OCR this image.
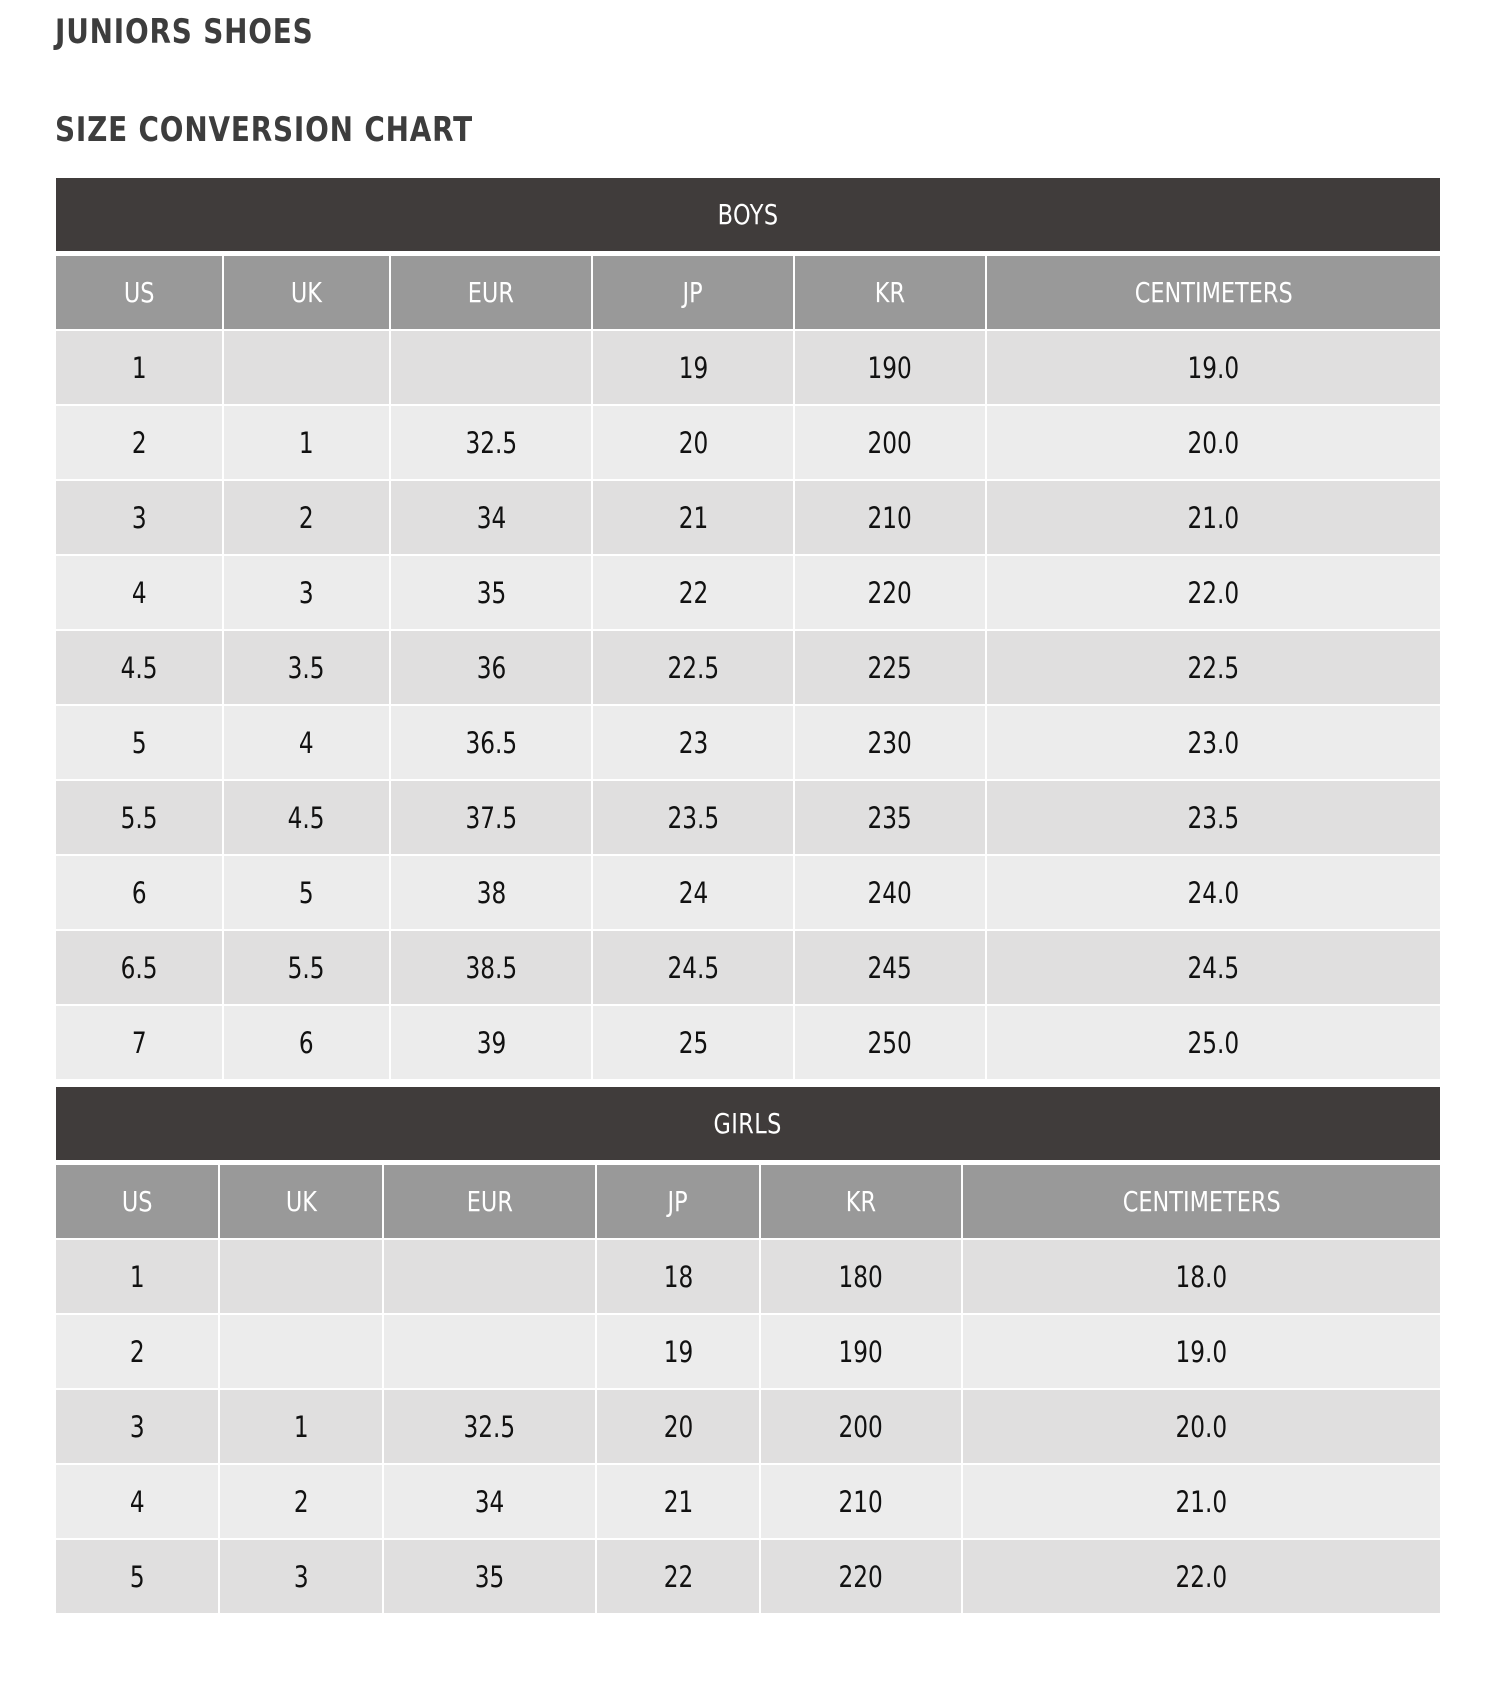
JUNIORS SHOES
SIZE CONVERSION CHART
BOYS
US	UK	EUR	JP	KR	CENTIMETERS
1			19	190	19.0
2	1	32.5	20	200	20.0
3	2	34	21	210	21.0
4	3	35	22	220	22.0
4.5	3.5	36	22.5	225	22.5
5	4	36.5	23	230	23.0
5.5	4.5	37.5	23.5	235	23.5
6	5	38	24	240	24.0
6.5	5.5	38.5	24.5	245	24.5
7	6	39	25	250	25.0
GIRLS
US	UK	EUR	JP	KR	CENTIMETERS
1			18	180	18.0
2			19	190	19.0
3	1	32.5	20	200	20.0
4	2	34	21	210	21.0
5	3	35	22	220	22.0
